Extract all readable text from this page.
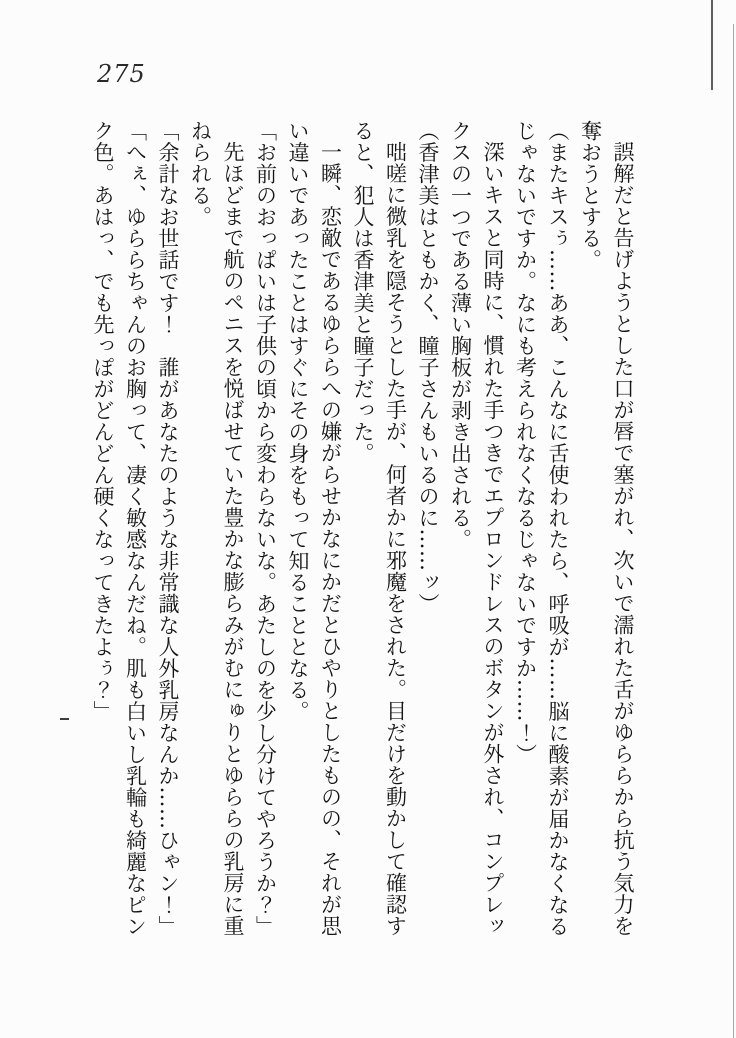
275

誤解だと告げようとした口が唇で塞がれ、次いで濡れた舌がゆららから抗う気力を奪おうとする。

（またキスぅ……ああ、こんなに舌使われたら、呼吸が……脳に酸素が届かなくなるじゃないですか。なにも考えられなくなるじゃないですか……！）

深いキスと同時に、慣れた手つきでエプロンドレスのボタンが外され、コンプレックスの一つである薄い胸板が剥き出される。

（香津美はともかく、瞳子さんもいるのに……ッ）

咄嗟に微乳を隠そうとした手が、何者かに邪魔をされた。目だけを動かして確認すると、犯人は香津美と瞳子だった。

一瞬、恋敵であるゆららへの嫌がらせかなにかだとひやりとしたものの、それが思い違いであったことはすぐにその身をもって知ることとなる。

「お前のおっぱいは子供の頃から変わらないな。あたしのを少し分けてやろうか？」

先ほどまで航のペニスを悦ばせていた豊かな膨らみがむにゅりとゆららの乳房に重ねられる。

「余計なお世話です！　誰があなたのような非常識な人外乳房なんか……ひゃン！」

「へぇ、ゆららちゃんのお胸って、凄く敏感なんだね。肌も白いし乳輪も綺麗なピンク色。あはっ、でも先っぽがどんどん硬くなってきたよぅ？」
